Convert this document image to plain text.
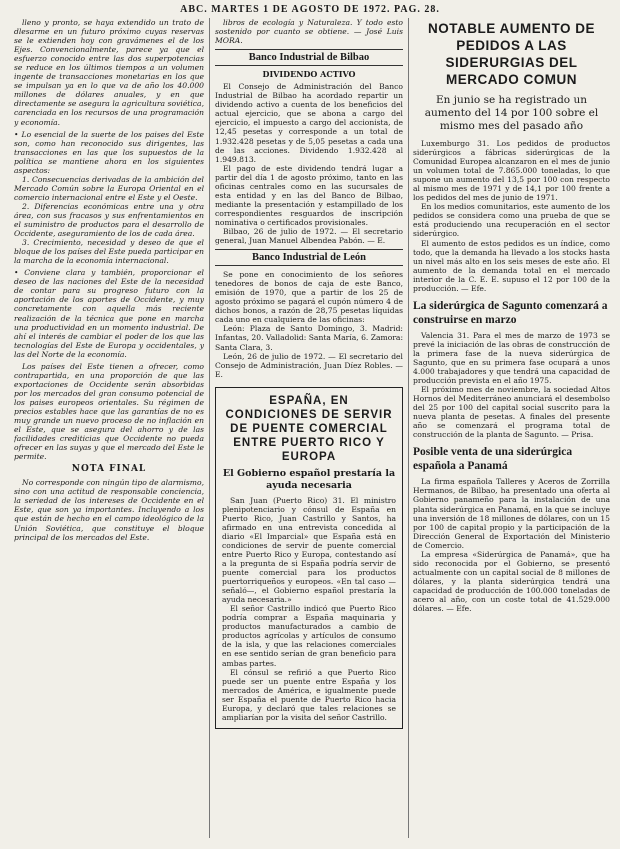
ABC. MARTES 1 DE AGOSTO DE 1972. PAG. 28.

lleno y pronto, se haya extendido un trato de dlesarme en un futuro próximo cuyas reservas se le extienden hoy con gravámenes el de los Ejes. Convencionalmente, parece ya que el esfuerzo conocido entre las dos superpotencias se reduce en los últimos tiempos a un volumen ingente de transacciones monetarias en los que se impulsan ya en lo que va de año los 40.000 millones de dólares anuales, y en que directamente se asegura la agricultura soviética, carenciada en los recursos de una programación y economía.

• Lo esencial de la suerte de los paises del Este son, como han reconocido sus dirigentes, las transacciones en las que los supuestos de la política se mantiene ahora en los siguientes aspectos:

1. Consecuencias derivadas de la ambición del Mercado Común sobre la Europa Oriental en el comercio internacional entre el Este y el Oeste.

2. Diferencias económicas entre una y otra área, con sus fracasos y sus enfrentamientos en el suministro de productos para el desarrollo de Occidente, aseguramiento de los de cada área.

3. Crecimiento, necesidad y deseo de que el bloque de los países del Este pueda participar en la marcha de la economía internacional.

• Conviene clara y también, proporcionar el deseo de las naciones del Este de la necesidad de contar para su progreso futuro con la aportación de los aportes de Occidente, y muy concretamente con aquella más reciente realización de la técnica que pone en marcha una productividad en un momento industrial. De ahí el interés de cambiar el poder de los que las tecnologías del Este de Europa y occidentales, y las del Norte de la economía.

Los países del Este tienen a ofrecer, como contrapartida, en una proporción de que las exportaciones de Occidente serán absorbidas por los mercados del gran consumo potencial de los paises europeos orientales. Su régimen de precios estables hace que las garantías de no es muy grande un nuevo proceso de no inflación en el Este, que se asegura del ahorro y de las facilidades crediticias que Occidente no pueda ofrecer en las suyas y que el mercado del Este le permite.

NOTA FINAL

No corresponde con ningún tipo de alarmismo, sino con una actitud de responsable conciencia, la seriedad de los intereses de Occidente en el Este, que son ya importantes. Incluyendo a los que están de hecho en el campo ideológico de la Unión Soviética, que constituye el bloque principal de los mercados del Este.

libros de ecología y Naturaleza. Y todo esto sostenido por cuanto se obtiene. — José Luis MORA.

Banco Industrial de Bilbao
DIVIDENDO ACTIVO

El Consejo de Administración del Banco Industrial de Bilbao ha acordado repartir un dividendo activo a cuenta de los beneficios del actual ejercicio, que se abona a cargo del ejercicio, el impuesto a cargo del accionista, de 12,45 pesetas y corresponde a un total de 1.932.428 pesetas y de 5,05 pesetas a cada una de las acciones. Dividendo 1.932.428 al 1.949.813.

El pago de este dividendo tendrá lugar a partir del día 1 de agosto próximo, tanto en las oficinas centrales como en las sucursales de esta entidad y en las del Banco de Bilbao, mediante la presentación y estampillado de los correspondientes resguardos de inscripción nominativa o certificados provisionales.

Bilbao, 26 de julio de 1972. — El secretario general, Juan Manuel Albendea Pabón. — E.

Banco Industrial de León

Se pone en conocimiento de los señores tenedores de bonos de caja de este Banco, emisión de 1970, que a partir de los 25 de agosto próximo se pagará el cupón número 4 de dichos bonos, a razón de 28,75 pesetas líquidas cada uno en cualquiera de las oficinas:

León: Plaza de Santo Domingo, 3. Madrid: Infantas, 20. Valladolid: Santa María, 6. Zamora: Santa Clara, 3.

León, 26 de julio de 1972. — El secretario del Consejo de Administración, Juan Díez Robles. — E.

ESPAÑA, EN CONDICIONES DE SERVIR DE PUENTE COMERCIAL ENTRE PUERTO RICO Y EUROPA
El Gobierno español prestaría la ayuda necesaria

San Juan (Puerto Rico) 31. El ministro plenipotenciario y cónsul de España en Puerto Rico, Juan Castrillo y Santos, ha afirmado en una entrevista concedida al diario «El Imparcial» que España está en condiciones de servir de puente comercial entre Puerto Rico y Europa, contestando así a la pregunta de si España podría servir de puente comercial para los productos puertorriqueños y europeos. «En tal caso —señaló—, el Gobierno español prestaría la ayuda necesaria.»

El señor Castrillo indicó que Puerto Rico podría comprar a España maquinaria y productos manufacturados a cambio de productos agrícolas y artículos de consumo de la isla, y que las relaciones comerciales en ese sentido serían de gran beneficio para ambas partes.

El cónsul se refirió a que Puerto Rico puede ser un puente entre España y los mercados de América, e igualmente puede ser España el puente de Puerto Rico hacia Europa, y declaró que tales relaciones se ampliarían por la visita del señor Castrillo.

NOTABLE AUMENTO DE PEDIDOS A LAS SIDERURGIAS DEL MERCADO COMUN
En junio se ha registrado un aumento del 14 por 100 sobre el mismo mes del pasado año

Luxemburgo 31. Los pedidos de productos siderúrgicos a fábricas siderúrgicas de la Comunidad Europea alcanzaron en el mes de junio un volumen total de 7.865.000 toneladas, lo que supone un aumento del 13,5 por 100 con respecto al mismo mes de 1971 y de 14,1 por 100 frente a los pedidos del mes de junio de 1971.

En los medios comunitarios, este aumento de los pedidos se considera como una prueba de que se está produciendo una recuperación en el sector siderúrgico.

El aumento de estos pedidos es un índice, como todo, que la demanda ha llevado a los stocks hasta un nivel más alto en los seis meses de este año. El aumento de la demanda total en el mercado interior de la C. E. E. supuso el 12 por 100 de la producción. — Efe.

La siderúrgica de Sagunto comenzará a construirse en marzo

Valencia 31. Para el mes de marzo de 1973 se prevé la iniciación de las obras de construcción de la primera fase de la nueva siderúrgica de Sagunto, que en su primera fase ocupará a unos 4.000 trabajadores y que tendrá una capacidad de producción prevista en el año 1975.

El próximo mes de noviembre, la sociedad Altos Hornos del Mediterráneo anunciará el desembolso del 25 por 100 del capital social suscrito para la nueva planta de pesetas. A finales del presente año se comenzará el programa total de construcción de la planta de Sagunto. — Prisa.

Posible venta de una siderúrgica española a Panamá

La firma española Talleres y Aceros de Zorrilla Hermanos, de Bilbao, ha presentado una oferta al Gobierno panameño para la instalación de una planta siderúrgica en Panamá, en la que se incluye una inversión de 18 millones de dólares, con un 15 por 100 de capital propio y la participación de la Dirección General de Exportación del Ministerio de Comercio.

La empresa «Siderúrgica de Panamá», que ha sido reconocida por el Gobierno, se presentó actualmente con un capital social de 8 millones de dólares, y la planta siderúrgica tendrá una capacidad de producción de 100.000 toneladas de acero al año, con un coste total de 41.529.000 dólares. — Efe.
